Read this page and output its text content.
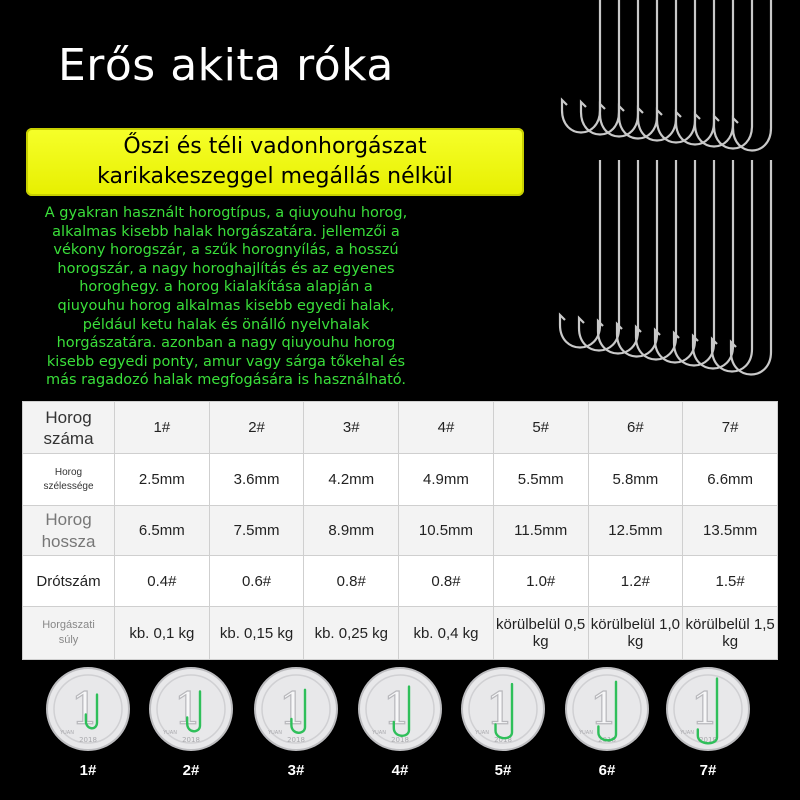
Erős akita róka
Őszi és téli vadonhorgászat
karikakeszeggel megállás nélkül
A gyakran használt horogtípus, a qiuyouhu horog,
alkalmas kisebb halak horgászatára. jellemzői a
vékony horogszár, a szűk horognyílás, a hosszú
horogszár, a nagy horoghajlítás és az egyenes
horoghegy. a horog kialakítása alapján a
qiuyouhu horog alkalmas kisebb egyedi halak,
például ketu halak és önálló nyelvhalak
horgászatára. azonban a nagy qiuyouhu horog
kisebb egyedi ponty, amur vagy sárga tőkehal és
más ragadozó halak megfogására is használható.
Horog
száma	1#	2#	3#	4#	5#	6#	7#

Horog
szélessége	2.5mm	3.6mm	4.2mm	4.9mm	5.5mm	5.8mm	6.6mm

Horog
hossza	6.5mm	7.5mm	8.9mm	10.5mm	11.5mm	12.5mm	13.5mm
Drótszám	0.4#	0.6#	0.8#	0.8#	1.0#	1.2#	1.5#

Horgászati
súly	kb. 0,1 kg	kb. 0,15 kg	kb. 0,25 kg	kb. 0,4 kg	körülbelül 0,5 kg	körülbelül 1,0 kg	körülbelül 1,5 kg
1
2018
YUAN 1
2018
YUAN 1
2018
YUAN 1
2018
YUAN 1
2018
YUAN 1
2018
YUAN 1
2018
YUAN
1#	2#	3#	4#	5#	6#	7#
